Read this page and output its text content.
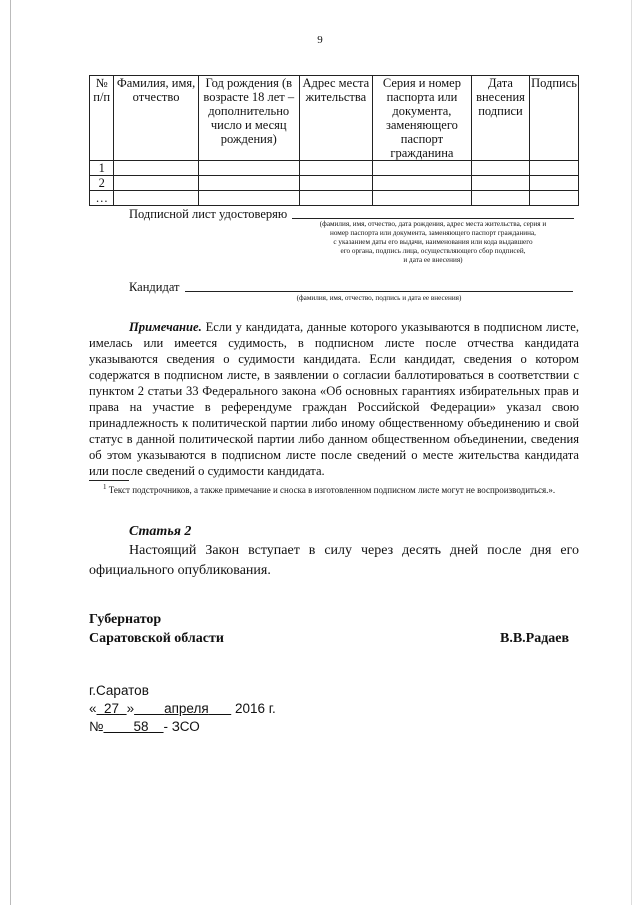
9
№ п/п	Фамилия, имя, отчество	Год рождения (в возрасте 18 лет – дополнительно число и месяц рождения)	Адрес места жительства	Серия и номер паспорта или документа, заменяющего паспорт гражданина	Дата внесения подписи	Подпись
1						
2						
…						
Подписной лист удостоверяю
(фамилия, имя, отчество, дата рождения, адрес места жительства, серия и
номер паспорта или документа, заменяющего паспорт гражданина,
с указанием даты его выдачи, наименования или кода выдавшего
его органа, подпись лица, осуществляющего сбор подписей,
и дата ее внесения)
Кандидат
(фамилия, имя, отчество, подпись и дата ее внесения)
Примечание. Если у кандидата, данные которого указываются в подписном листе, имелась или имеется судимость, в подписном листе после отчества кандидата указываются сведения о судимости кандидата. Если кандидат, сведения о котором содержатся в подписном листе, в заявлении о согласии баллотироваться в соответствии с пунктом 2 статьи 33 Федерального закона «Об основных гарантиях избирательных прав и права на участие в референдуме граждан Российской Федерации» указал свою принадлежность к политической партии либо иному общественному объединению и свой статус в данной политической партии либо данном общественном объединении, сведения об этом указываются в подписном листе после сведений о месте жительства кандидата или после сведений о судимости кандидата.
$^1$ Текст подстрочников, а также примечание и сноска в изготовленном подписном листе могут не воспроизводиться.».
Статья 2
Настоящий Закон вступает в силу через десять дней после дня его официального опубликования.
Губернатор
Саратовской области	В.В.Радаев
г.Саратов
« 27 » апреля 2016 г.
№ 58 - ЗСО
